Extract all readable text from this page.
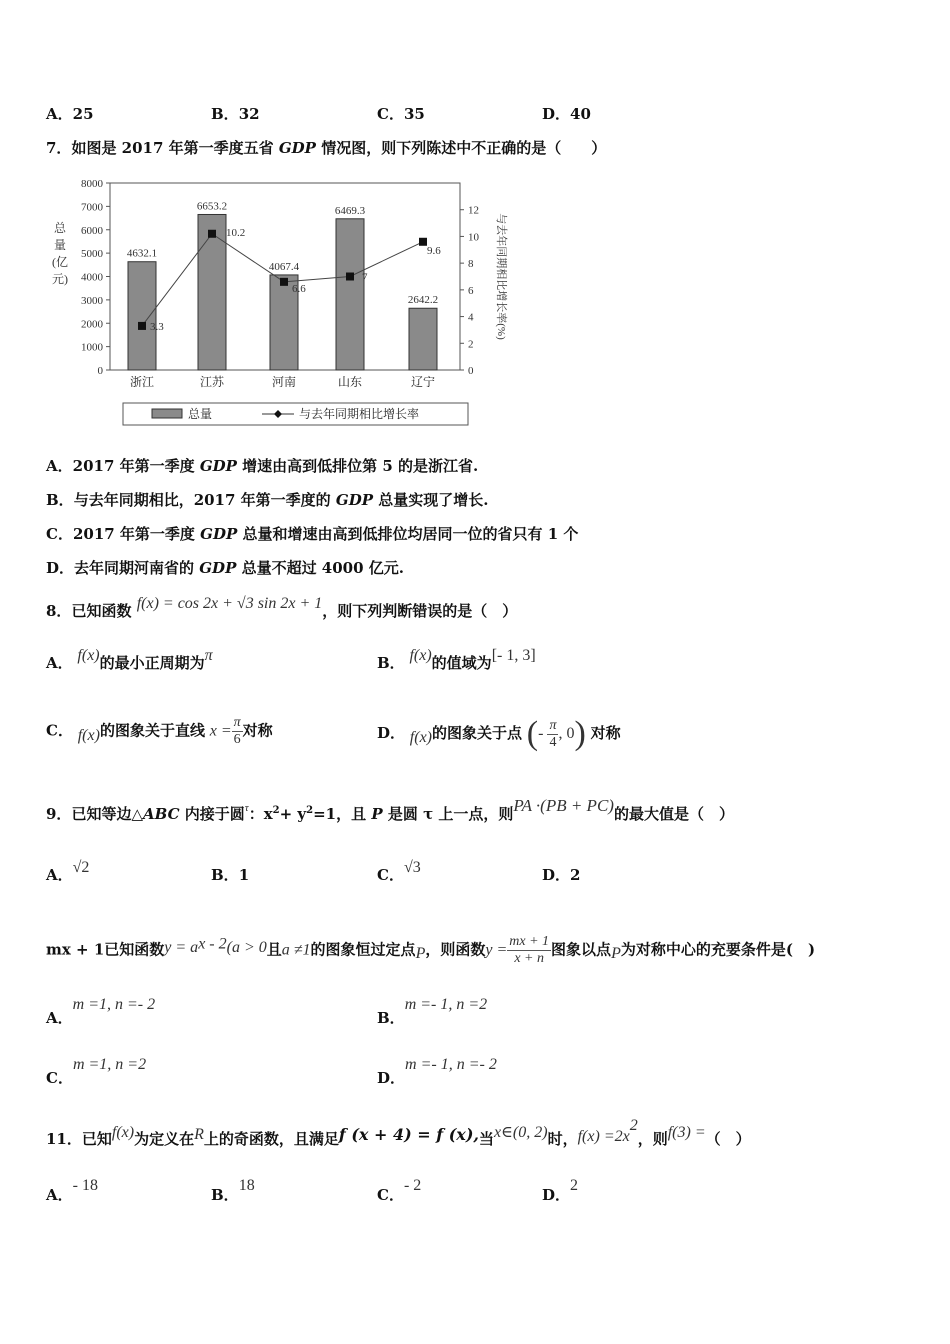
A．25	B．32	C．35	D．40
7．如图是 2017 年第一季度五省 GDP 情况图，则下列陈述中不正确的是（　　）
4632.1
6653.2
4067.4
6469.3
2642.2
3.3
10.2
6.6
7
9.6
0
1000
2000
3000
4000
5000
6000
7000
8000
0
2
4
6
8
10
12
总
量
(亿
元)	与去年同期相比增长率(%)
浙江	江苏	河南	山东	辽宁
总量	与去年同期相比增长率
A．2017 年第一季度 GDP 增速由高到低排位第 5 的是浙江省.
B．与去年同期相比，2017 年第一季度的 GDP 总量实现了增长.
C．2017 年第一季度 GDP 总量和增速由高到低排位均居同一位的省只有 1 个
D．去年同期河南省的 GDP 总量不超过 4000 亿元.
8．已知函数 f(x) = cos 2x + √3 sin 2x + 1，则下列判断错误的是（　）
A． f(x)的最小正周期为π	B． f(x)的值域为[- 1, 3]
C． f(x)的图象关于直线 $x = \frac{\pi}{6}$ 对称	D． f(x)的图象关于点 (- $\frac{\pi}{4}$ , 0) 对称
9．已知等边△ABC 内接于圆$^\tau$：$x^2+ y^2=1$，且 P 是圆 τ 上一点，则PA ·(PB + PC)的最大值是（　）
A．√2	B．1	C．√3	D．2
mx + 1已知函数$y = a^{x - 2}(a > 0$且a ≠1的图象恒过定点P，则函数$y = \frac{mx + 1}{x + n}$ 图象以点P为对称中心的充要条件是(　)
A．m =1, n =- 2
B．m =- 1, n =2
C．m =1, n =2
D．m =- 1, n =- 2
11．已知f(x)为定义在R上的奇函数，且满足f (x + 4) = f (x),当x∈(0, 2)时，$f(x) =2x^2$，则f(3) =（　）
A．- 18
B．18
C．- 2
D．2
